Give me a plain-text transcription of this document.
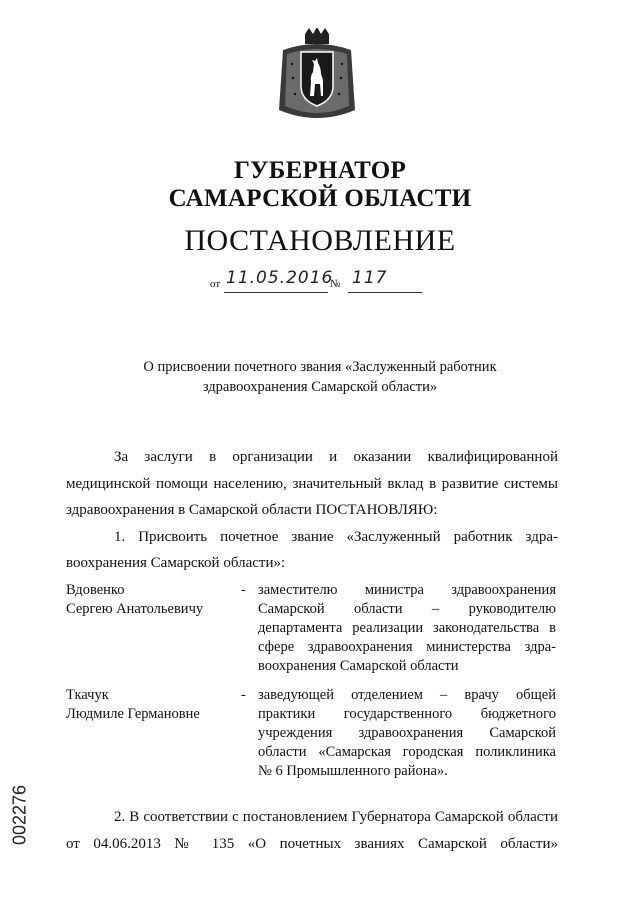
ГУБЕРНАТОР
САМАРСКОЙ ОБЛАСТИ
ПОСТАНОВЛЕНИЕ
от 11.05.2016
№ 117
О присвоении почетного звания «Заслуженный работник
здравоохранения Самарской области»
За заслуги в организации и оказании квалифицированной
медицинской помощи населению, значительный вклад в развитие системы
здравоохранения в Самарской области ПОСТАНОВЛЯЮ:
1. Присвоить почетное звание «Заслуженный работник здра-
воохранения Самарской области»:
Вдовенко
Сергею Анатольевичу
- заместителю министра здравоохранения
Самарской области – руководителю
департамента реализации законодательства в
сфере здравоохранения министерства здра-
воохранения Самарской области
Ткачук
Людмиле Германовне
- заведующей отделением – врачу общей
практики государственного бюджетного
учреждения здравоохранения Самарской
области «Самарская городская поликлиника
№ 6 Промышленного района».
2. В соответствии с постановлением Губернатора Самарской области
от 04.06.2013 № 135 «О почетных званиях Самарской области»
002276
